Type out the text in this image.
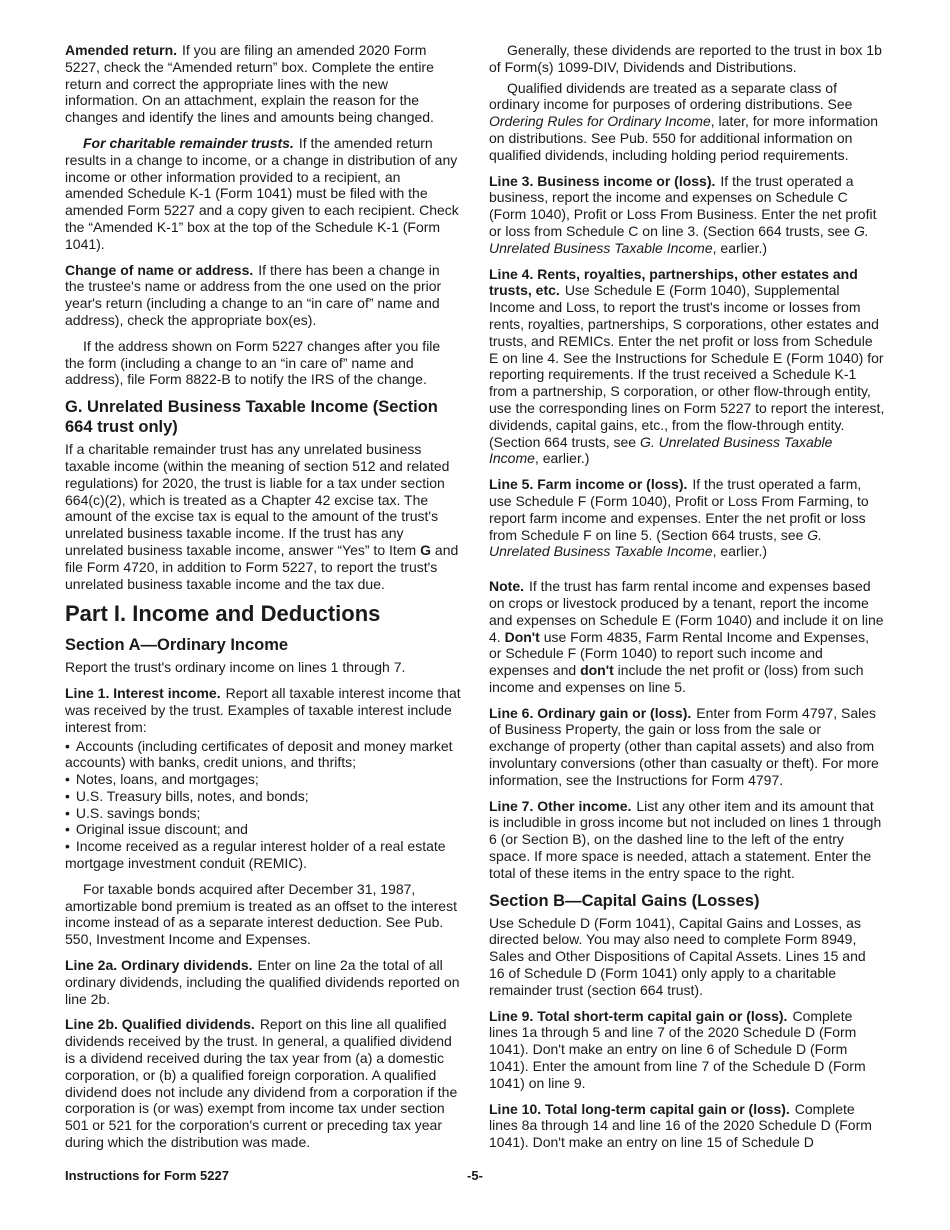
Amended return. If you are filing an amended 2020 Form 5227, check the “Amended return” box. Complete the entire return and correct the appropriate lines with the new information. On an attachment, explain the reason for the changes and identify the lines and amounts being changed.

For charitable remainder trusts. If the amended return results in a change to income, or a change in distribution of any income or other information provided to a recipient, an amended Schedule K-1 (Form 1041) must be filed with the amended Form 5227 and a copy given to each recipient. Check the “Amended K-1” box at the top of the Schedule K-1 (Form 1041).

Change of name or address. If there has been a change in the trustee's name or address from the one used on the prior year's return (including a change to an “in care of” name and address), check the appropriate box(es).

If the address shown on Form 5227 changes after you file the form (including a change to an “in care of” name and address), file Form 8822-B to notify the IRS of the change.

G. Unrelated Business Taxable Income (Section 664 trust only)

If a charitable remainder trust has any unrelated business taxable income (within the meaning of section 512 and related regulations) for 2020, the trust is liable for a tax under section 664(c)(2), which is treated as a Chapter 42 excise tax. The amount of the excise tax is equal to the amount of the trust's unrelated business taxable income. If the trust has any unrelated business taxable income, answer “Yes” to Item G and file Form 4720, in addition to Form 5227, to report the trust's unrelated business taxable income and the tax due.

Part I. Income and Deductions
Section A—Ordinary Income

Report the trust's ordinary income on lines 1 through 7.

Line 1. Interest income. Report all taxable interest income that was received by the trust. Examples of taxable interest include interest from:

• Accounts (including certificates of deposit and money market accounts) with banks, credit unions, and thrifts;
• Notes, loans, and mortgages;
• U.S. Treasury bills, notes, and bonds;
• U.S. savings bonds;
• Original issue discount; and
• Income received as a regular interest holder of a real estate mortgage investment conduit (REMIC).

For taxable bonds acquired after December 31, 1987, amortizable bond premium is treated as an offset to the interest income instead of as a separate interest deduction. See Pub. 550, Investment Income and Expenses.

Line 2a. Ordinary dividends. Enter on line 2a the total of all ordinary dividends, including the qualified dividends reported on line 2b.

Line 2b. Qualified dividends. Report on this line all qualified dividends received by the trust. In general, a qualified dividend is a dividend received during the tax year from (a) a domestic corporation, or (b) a qualified foreign corporation. A qualified dividend does not include any dividend from a corporation if the corporation is (or was) exempt from income tax under section 501 or 521 for the corporation's current or preceding tax year during which the distribution was made.

Generally, these dividends are reported to the trust in box 1b of Form(s) 1099-DIV, Dividends and Distributions.

Qualified dividends are treated as a separate class of ordinary income for purposes of ordering distributions. See Ordering Rules for Ordinary Income, later, for more information on distributions. See Pub. 550 for additional information on qualified dividends, including holding period requirements.

Line 3. Business income or (loss). If the trust operated a business, report the income and expenses on Schedule C (Form 1040), Profit or Loss From Business. Enter the net profit or loss from Schedule C on line 3. (Section 664 trusts, see G. Unrelated Business Taxable Income, earlier.)

Line 4. Rents, royalties, partnerships, other estates and trusts, etc. Use Schedule E (Form 1040), Supplemental Income and Loss, to report the trust's income or losses from rents, royalties, partnerships, S corporations, other estates and trusts, and REMICs. Enter the net profit or loss from Schedule E on line 4. See the Instructions for Schedule E (Form 1040) for reporting requirements. If the trust received a Schedule K-1 from a partnership, S corporation, or other flow-through entity, use the corresponding lines on Form 5227 to report the interest, dividends, capital gains, etc., from the flow-through entity. (Section 664 trusts, see G. Unrelated Business Taxable Income, earlier.)

Line 5. Farm income or (loss). If the trust operated a farm, use Schedule F (Form 1040), Profit or Loss From Farming, to report farm income and expenses. Enter the net profit or loss from Schedule F on line 5. (Section 664 trusts, see G. Unrelated Business Taxable Income, earlier.)

Note. If the trust has farm rental income and expenses based on crops or livestock produced by a tenant, report the income and expenses on Schedule E (Form 1040) and include it on line 4. Don't use Form 4835, Farm Rental Income and Expenses, or Schedule F (Form 1040) to report such income and expenses and don't include the net profit or (loss) from such income and expenses on line 5.

Line 6. Ordinary gain or (loss). Enter from Form 4797, Sales of Business Property, the gain or loss from the sale or exchange of property (other than capital assets) and also from involuntary conversions (other than casualty or theft). For more information, see the Instructions for Form 4797.

Line 7. Other income. List any other item and its amount that is includible in gross income but not included on lines 1 through 6 (or Section B), on the dashed line to the left of the entry space. If more space is needed, attach a statement. Enter the total of these items in the entry space to the right.

Section B—Capital Gains (Losses)

Use Schedule D (Form 1041), Capital Gains and Losses, as directed below. You may also need to complete Form 8949, Sales and Other Dispositions of Capital Assets. Lines 15 and 16 of Schedule D (Form 1041) only apply to a charitable remainder trust (section 664 trust).

Line 9. Total short-term capital gain or (loss). Complete lines 1a through 5 and line 7 of the 2020 Schedule D (Form 1041). Don't make an entry on line 6 of Schedule D (Form 1041). Enter the amount from line 7 of the Schedule D (Form 1041) on line 9.

Line 10. Total long-term capital gain or (loss). Complete lines 8a through 14 and line 16 of the 2020 Schedule D (Form 1041). Don't make an entry on line 15 of Schedule D

-5-
Instructions for Form 5227
